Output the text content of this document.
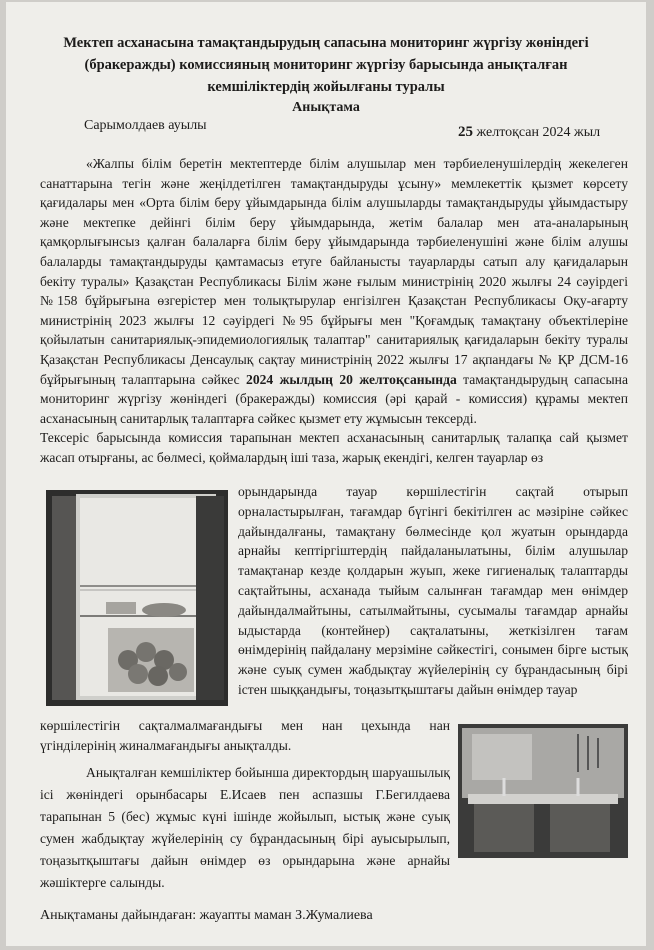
Мектеп асханасына тамақтандырудың сапасына мониторинг жүргізу жөніндегі (бракеражды) комиссияның мониторинг жүргізу барысында анықталған кемшіліктердің жойылғаны туралы
Анықтама
Сарымолдаев ауылы	25 желтоқсан 2024 жыл

«Жалпы білім беретін мектептерде білім алушылар мен тәрбиеленушілердің жекелеген санаттарына тегін және жеңілдетілген тамақтандыруды ұсыну» мемлекеттік қызмет көрсету қағидалары мен «Орта білім беру ұйымдарында білім алушыларды тамақтандыруды ұйымдастыру және мектепке дейінгі білім беру ұйымдарында, жетім балалар мен ата-аналарының қамқорлығынсыз қалған балаларға білім беру ұйымдарында тәрбиеленушіні және білім алушы балаларды тамақтандыруды қамтамасыз етуге байланысты тауарларды сатып алу қағидаларын бекіту туралы» Қазақстан Республикасы Білім және ғылым министрінің 2020 жылғы 24 сәуірдегі №158 бұйрығына өзгерістер мен толықтырулар енгізілген Қазақстан Республикасы Оқу-ағарту министрінің 2023 жылғы 12 сәуірдегі №95 бұйрығы мен "Қоғамдық тамақтану объектілеріне қойылатын санитариялық-эпидемиологиялық талаптар" санитариялық қағидаларын бекіту туралы Қазақстан Республикасы Денсаулық сақтау министрінің 2022 жылғы 17 ақпандағы № ҚР ДСМ-16 бұйрығының талаптарына сәйкес 2024 жылдың 20 желтоқсанында тамақтандырудың сапасына мониторинг жүргізу жөніндегі (бракеражды) комиссия (әрі қарай - комиссия) құрамы мектеп асханасының санитарлық талаптарға сәйкес қызмет ету жұмысын тексерді.

Тексеріс барысында комиссия тарапынан мектеп асханасының санитарлық талапқа сай қызмет жасап отырғаны, ас бөлмесі, қоймалардың іші таза, жарық екендігі, келген тауарлар өз

орындарында тауар көршілестігін сақтай отырып орналастырылған, тағамдар бүгінгі бекітілген ас мәзіріне сәйкес дайындалғаны, тамақтану бөлмесінде қол жуатын орындарда арнайы кептіргіштердің пайдаланылатыны, білім алушылар тамақтанар кезде қолдарын жуып, жеке гигиеналық талаптарды сақтайтыны, асханада тыйым салынған тағамдар мен өнімдер дайындалмайтыны, сатылмайтыны, сусымалы тағамдар арнайы ыдыстарда (контейнер) сақталатыны, жеткізілген тағам өнімдерінің пайдалану мерзіміне сәйкестігі, сонымен бірге ыстық және суық сумен жабдықтау жүйелерінің су бұрандасының бірі істен шыққандығы, тоңазытқыштағы дайын өнімдер тауар
көршілестігін сақталмалмағандығы мен нан цехында нан үгінділерінің жиналмағандығы анықталды.
Анықталған кемшіліктер бойынша директордың шаруашылық ісі жөніндегі орынбасары Е.Исаев пен аспазшы Г.Бегилдаева тарапынан 5 (бес) жұмыс күні ішінде жойылып, ыстық және суық сумен жабдықтау жүйелерінің су бұрандасының бірі ауысырылып, тоңазытқыштағы дайын өнімдер өз орындарына және арнайы жәшіктерге салынды.
Анықтаманы дайындаған: жауапты маман З.Жумалиева
